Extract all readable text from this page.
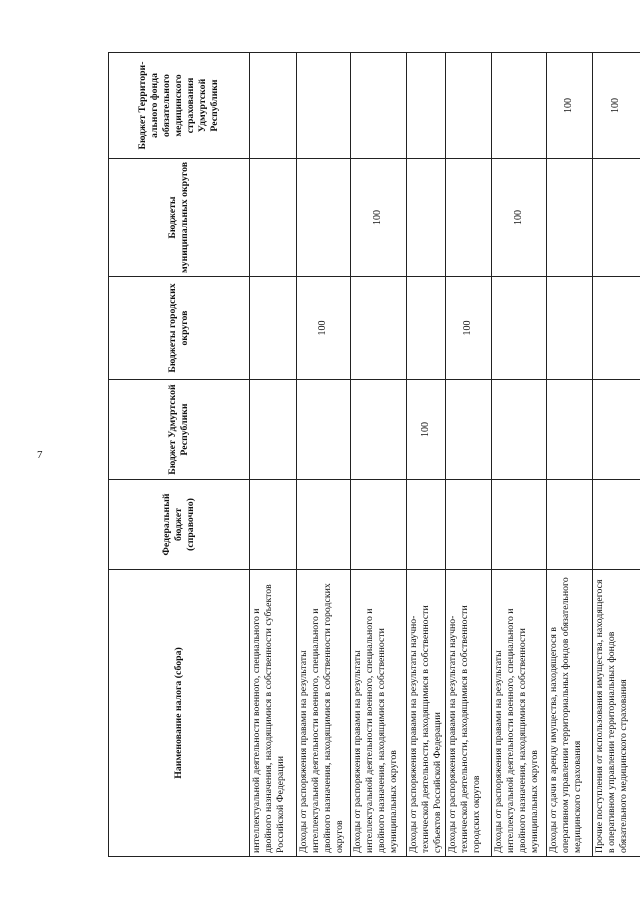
7
Наименование налога (сбора)	Федеральный бюджет (справочно)	Бюджет Удмуртской Республики	Бюджеты городских округов	Бюджеты муниципальных округов	Бюджет Территори-ального фонда обязательного медицинского страхования Удмуртской Республики
интеллектуальной деятельности военного, специального и двойного назначения, находящимися в собственности субъектов Российской Федерации					
Доходы от распоряжения правами на результаты интеллектуальной деятельности военного, специального и двойного назначения, находящимися в собственности городских округов			100		
Доходы от распоряжения правами на результаты интеллектуальной деятельности военного, специального и двойного назначения, находящимися в собственности муниципальных округов				100	
Доходы от распоряжения правами на результаты научно-технической деятельности, находящимися в собственности субъектов Российской Федерации		100			
Доходы от распоряжения правами на результаты научно-технической деятельности, находящимися в собственности городских округов			100		
Доходы от распоряжения правами на результаты интеллектуальной деятельности военного, специального и двойного назначения, находящимися в собственности муниципальных округов				100	
Доходы от сдачи в аренду имущества, находящегося в оперативном управлении территориальных фондов обязательного медицинского страхования					100
Прочие поступления от использования имущества, находящегося в оперативном управлении территориальных фондов обязательного медицинского страхования					100
